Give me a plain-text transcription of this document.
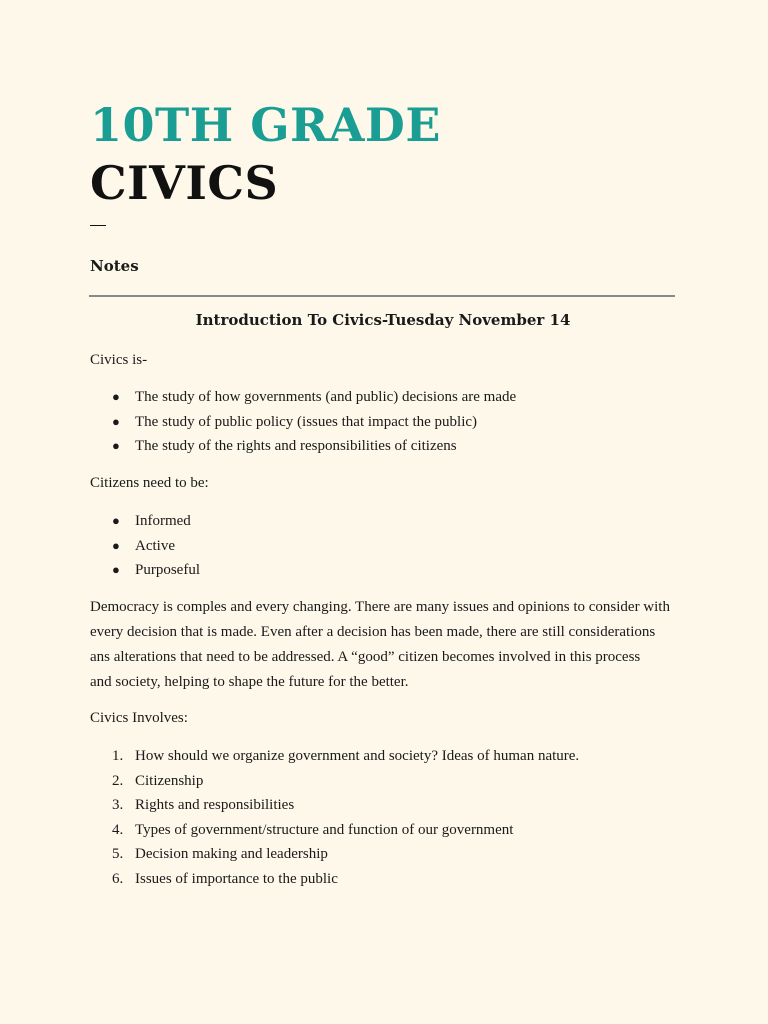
10TH GRADE
CIVICS
Notes
Introduction To Civics-Tuesday November 14
Civics is-
●	The study of how governments (and public) decisions are made
●	The study of public policy (issues that impact the public)
●	The study of the rights and responsibilities of citizens
Citizens need to be:
●	Informed
●	Active
●	Purposeful
Democracy is comples and every changing. There are many issues and opinions to consider with
every decision that is made. Even after a decision has been made, there are still considerations
ans alterations that need to be addressed. A “good” citizen becomes involved in this process
and society, helping to shape the future for the better.
Civics Involves:
1. How should we organize government and society? Ideas of human nature.
2. Citizenship
3. Rights and responsibilities
4. Types of government/structure and function of our government
5. Decision making and leadership
6. Issues of importance to the public
